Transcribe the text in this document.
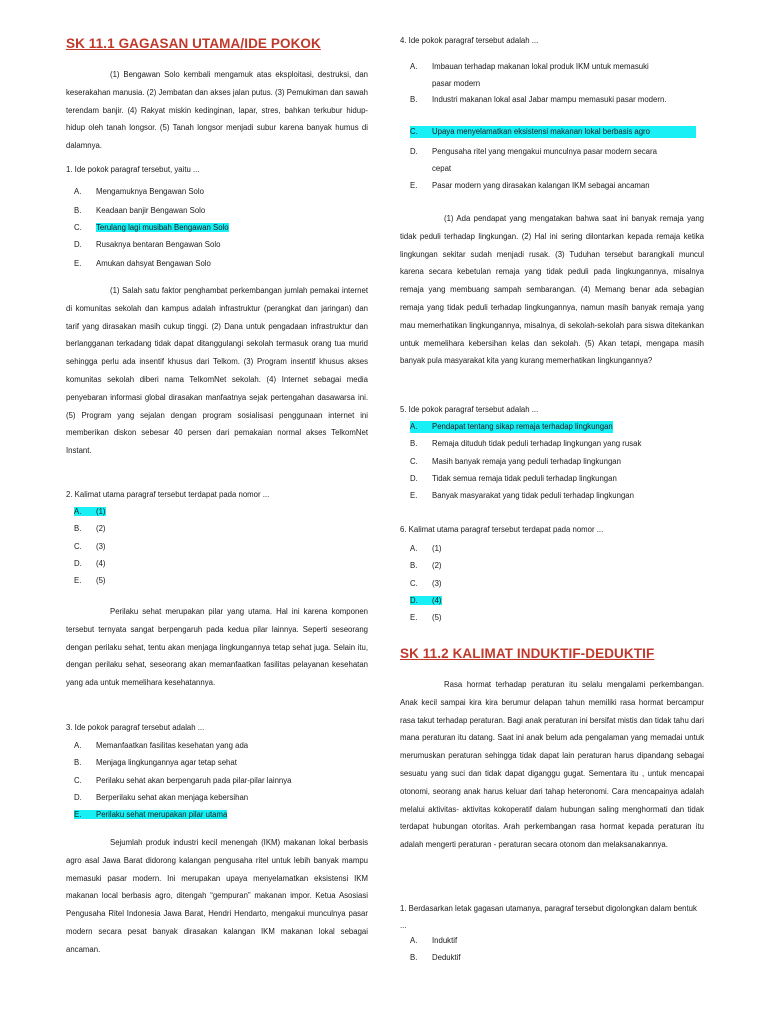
SK 11.1 GAGASAN UTAMA/IDE POKOK

(1) Bengawan Solo kembali mengamuk atas eksploitasi, destruksi, dan keserakahan manusia. (2) Jembatan dan akses jalan putus. (3) Pemukiman dan sawah terendam banjir. (4) Rakyat miskin kedinginan, lapar, stres, bahkan terkubur hidup-hidup oleh tanah longsor. (5) Tanah longsor menjadi subur karena banyak humus di dalamnya.

1. Ide pokok paragraf tersebut, yaitu ...
A. Mengamuknya Bengawan Solo
B. Keadaan banjir Bengawan Solo
C. Terulang lagi musibah Bengawan Solo
D. Rusaknya bentaran Bengawan Solo
E. Amukan dahsyat Bengawan Solo

(1) Salah satu faktor penghambat perkembangan jumlah pemakai internet di komunitas sekolah dan kampus adalah infrastruktur (perangkat dan jaringan) dan tarif yang dirasakan masih cukup tinggi. (2) Dana untuk pengadaan infrastruktur dan berlangganan terkadang tidak dapat ditanggulangi sekolah termasuk orang tua murid sehingga perlu ada insentif khusus dari Telkom. (3) Program insentif khusus akses komunitas sekolah diberi nama TelkomNet sekolah. (4) Internet sebagai media penyebaran informasi global dirasakan manfaatnya sejak pertengahan dasawarsa ini. (5) Program yang sejalan dengan program sosialisasi penggunaan internet ini memberikan diskon sebesar 40 persen dari pemakaian normal akses TelkomNet Instant.

2. Kalimat utama paragraf tersebut terdapat pada nomor ...
A. (1)
B. (2)
C. (3)
D. (4)
E. (5)

Perilaku sehat merupakan pilar yang utama. Hal ini karena komponen tersebut ternyata sangat berpengaruh pada kedua pilar lainnya. Seperti seseorang dengan perilaku sehat, tentu akan menjaga lingkungannya tetap sehat juga. Selain itu, dengan perilaku sehat, seseorang akan memanfaatkan fasilitas pelayanan kesehatan yang ada untuk memelihara kesehatannya.

3. Ide pokok paragraf tersebut adalah ...
A. Memanfaatkan fasilitas kesehatan yang ada
B. Menjaga lingkungannya agar tetap sehat
C. Perilaku sehat akan berpengaruh pada pilar-pilar lainnya
D. Berperilaku sehat akan menjaga kebersihan
E. Perilaku sehat merupakan pilar utama

Sejumlah produk industri kecil menengah (IKM) makanan lokal berbasis agro asal Jawa Barat didorong kalangan pengusaha ritel untuk lebih banyak mampu memasuki pasar modern. Ini merupakan upaya menyelamatkan eksistensi IKM makanan local berbasis agro, ditengah “gempuran” makanan impor. Ketua Asosiasi Pengusaha Ritel Indonesia Jawa Barat, Hendri Hendarto, mengakui munculnya pasar modern secara pesat banyak dirasakan kalangan IKM makanan lokal sebagai ancaman.

4. Ide pokok paragraf tersebut adalah ...
A.	Imbauan terhadap makanan lokal produk IKM untuk memasuki pasar modern
B.	Industri makanan lokal asal Jabar mampu memasuki pasar modern.
C. Upaya menyelamatkan eksistensi makanan lokal berbasis agro
D.	Pengusaha ritel yang mengakui munculnya pasar modern secara cepat
E. Pasar modern yang dirasakan kalangan IKM sebagai ancaman

(1) Ada pendapat yang mengatakan bahwa saat ini banyak remaja yang tidak peduli terhadap lingkungan. (2) Hal ini sering dilontarkan kepada remaja ketika lingkungan sekitar sudah menjadi rusak. (3) Tuduhan tersebut barangkali muncul karena secara kebetulan remaja yang tidak peduli pada lingkungannya, misalnya remaja yang membuang sampah sembarangan. (4) Memang benar ada sebagian remaja yang tidak peduli terhadap lingkungannya, namun masih banyak remaja yang mau memerhatikan lingkungannya, misalnya, di sekolah-sekolah para siswa ditekankan untuk memelihara kebersihan kelas dan sekolah. (5) Akan tetapi, mengapa masih banyak pula masyarakat kita yang kurang memerhatikan lingkungannya?

5. Ide pokok paragraf tersebut adalah ...
A. Pendapat tentang sikap remaja terhadap lingkungan
B. Remaja dituduh tidak peduli terhadap lingkungan yang rusak
C. Masih banyak remaja yang peduli terhadap lingkungan
D. Tidak semua remaja tidak peduli terhadap lingkungan
E. Banyak masyarakat yang tidak peduli terhadap lingkungan
6. Kalimat utama paragraf tersebut terdapat pada nomor ...
A. (1)
B. (2)
C. (3)
D. (4)
E. (5)
SK 11.2 KALIMAT INDUKTIF-DEDUKTIF

Rasa hormat terhadap peraturan itu selalu mengalami perkembangan. Anak kecil sampai kira kira berumur delapan tahun memiliki rasa hormat bercampur rasa takut terhadap peraturan. Bagi anak peraturan ini bersifat mistis dan tidak tahu dari mana peraturan itu datang. Saat ini anak belum ada pengalaman yang memadai untuk merumuskan peraturan sehingga tidak dapat lain peraturan harus dipandang sebagai sesuatu yang suci dan tidak dapat diganggu gugat. Sementara itu , untuk mencapai otonomi, seorang anak harus keluar dari tahap heteronomi. Cara mencapainya adalah melalui aktivitas- aktivitas kokoperatif dalam hubungan saling menghormati dan tidak terdapat hubungan otoritas. Arah perkembangan rasa hormat kepada peraturan itu adalah mengerti peraturan - peraturan secara otonom dan melaksanakannya.

1. Berdasarkan letak gagasan utamanya, paragraf tersebut digolongkan dalam bentuk ...
A. Induktif
B. Deduktif
